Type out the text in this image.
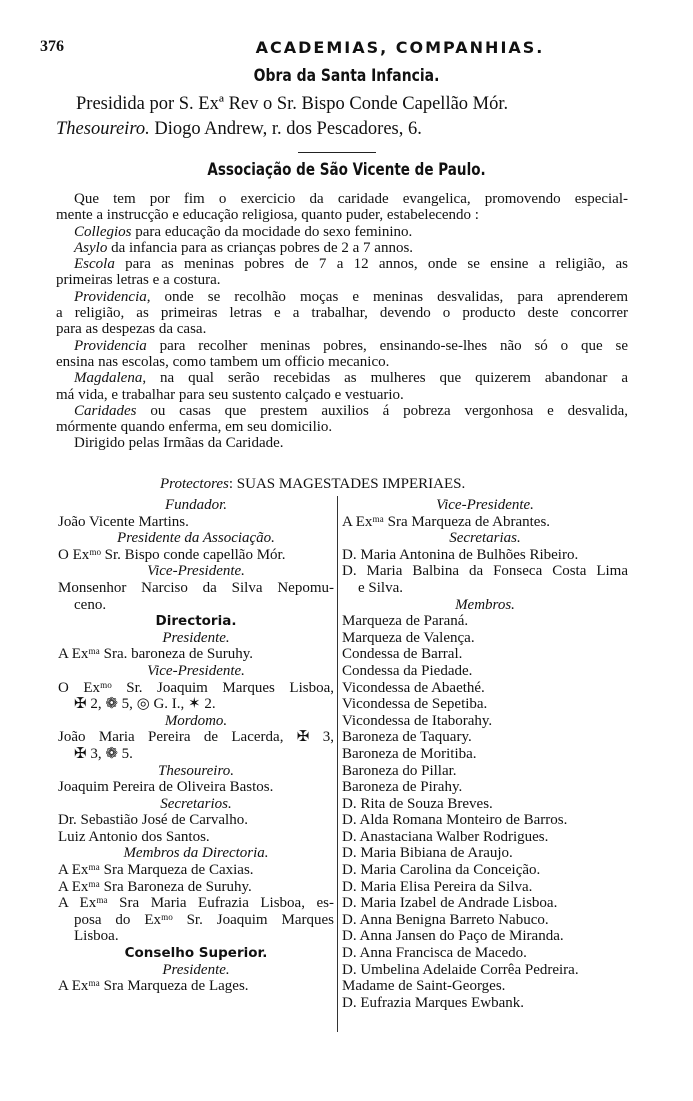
376	ACADEMIAS, COMPANHIAS.
Obra da Santa Infancia.
Presidida por S. Exª Rev o Sr. Bispo Conde Capellão Mór.
Thesoureiro. Diogo Andrew, r. dos Pescadores, 6.
Associação de São Vicente de Paulo.
Que tem por fim o exercicio da caridade evangelica, promovendo especial-
mente a instrucção e educação religiosa, quanto puder, estabelecendo :
Collegios para educação da mocidade do sexo feminino.
Asylo da infancia para as crianças pobres de 2 a 7 annos.
Escola para as meninas pobres de 7 a 12 annos, onde se ensine a religião, as
primeiras letras e a costura.
Providencia, onde se recolhão moças e meninas desvalidas, para aprenderem
a religião, as primeiras letras e a trabalhar, devendo o producto deste concorrer
para as despezas da casa.
Providencia para recolher meninas pobres, ensinando-se-lhes não só o que se
ensina nas escolas, como tambem um officio mecanico.
Magdalena, na qual serão recebidas as mulheres que quizerem abandonar a
má vida, e trabalhar para seu sustento calçado e vestuario.
Caridades ou casas que prestem auxilios á pobreza vergonhosa e desvalida,
mórmente quando enferma, em seu domicilio.
Dirigido pelas Irmãas da Caridade.
Protectores: SUAS MAGESTADES IMPERIAES.
Fundador.
João Vicente Martins.
Presidente da Associação.
O Exᵐᵒ Sr. Bispo conde capellão Mór.
Vice-Presidente.
Monsenhor Narciso da Silva Nepomu-
ceno.
Directoria.
Presidente.
A Exᵐᵃ Sra. baroneza de Suruhy.
Vice-Presidente.
O Exᵐᵒ Sr. Joaquim Marques Lisboa,
✠ 2, ❁ 5, ◎ G. I., ✶ 2.
Mordomo.
João Maria Pereira de Lacerda, ✠ 3,
✠ 3, ❁ 5.
Thesoureiro.
Joaquim Pereira de Oliveira Bastos.
Secretarios.
Dr. Sebastião José de Carvalho.
Luiz Antonio dos Santos.
Membros da Directoria.
A Exᵐᵃ Sra Marqueza de Caxias.
A Exᵐᵃ Sra Baroneza de Suruhy.
A Exᵐᵃ Sra Maria Eufrazia Lisboa, es-
posa do Exᵐᵒ Sr. Joaquim Marques
Lisboa.
Conselho Superior.
Presidente.
A Exᵐᵃ Sra Marqueza de Lages.
Vice-Presidente.
A Exᵐᵃ Sra Marqueza de Abrantes.
Secretarias.
D. Maria Antonina de Bulhões Ribeiro.
D. Maria Balbina da Fonseca Costa Lima
e Silva.
Membros.
Marqueza de Paraná.
Marqueza de Valença.
Condessa de Barral.
Condessa da Piedade.
Vicondessa de Abaethé.
Vicondessa de Sepetiba.
Vicondessa de Itaborahy.
Baroneza de Taquary.
Baroneza de Moritiba.
Baroneza do Pillar.
Baroneza de Pirahy.
D. Rita de Souza Breves.
D. Alda Romana Monteiro de Barros.
D. Anastaciana Walber Rodrigues.
D. Maria Bibiana de Araujo.
D. Maria Carolina da Conceição.
D. Maria Elisa Pereira da Silva.
D. Maria Izabel de Andrade Lisboa.
D. Anna Benigna Barreto Nabuco.
D. Anna Jansen do Paço de Miranda.
D. Anna Francisca de Macedo.
D. Umbelina Adelaide Corrêa Pedreira.
Madame de Saint-Georges.
D. Eufrazia Marques Ewbank.
